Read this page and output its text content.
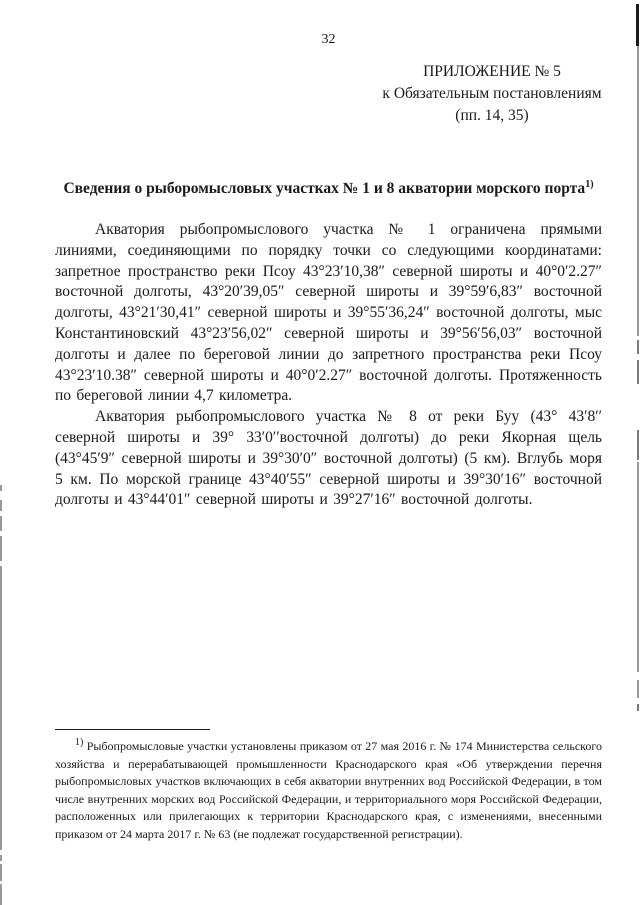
32
ПРИЛОЖЕНИЕ № 5
к Обязательным постановлениям
(пп. 14, 35)
Сведения о рыборомысловых участках № 1 и 8 акватории морского порта$^{1)}$
Акватория рыбопромыслового участка № 1 ограничена прямыми линиями, соединяющими по порядку точки со следующими координатами: запретное пространство реки Псоу 43°23′10,38″ северной широты и 40°0′2.27″ восточной долготы, 43°20′39,05″ северной широты и 39°59′6,83″ восточной долготы, 43°21′30,41″ северной широты и 39°55′36,24″ восточной долготы, мыс Константиновский 43°23′56,02″ северной широты и 39°56′56,03″ восточной долготы и далее по береговой линии до запретного пространства реки Псоу 43°23′10.38″ северной широты и 40°0′2.27″ восточной долготы. Протяженность по береговой линии 4,7 километра.
Акватория рыбопромыслового участка № 8 от реки Буу (43° 43′8′′ северной широты и 39° 33′0′′восточной долготы) до реки Якорная щель (43°45′9″ северной широты и 39°30′0″ восточной долготы) (5 км). Вглубь моря 5 км. По морской границе 43°40′55″ северной широты и 39°30′16″ восточной долготы и 43°44′01″ северной широты и 39°27′16″ восточной долготы.
$^{1)}$ Рыбопромысловые участки установлены приказом от 27 мая 2016 г. № 174 Министерства сельского хозяйства и перерабатывающей промышленности Краснодарского края «Об утверждении перечня рыбопромысловых участков включающих в себя акватории внутренних вод Российской Федерации, в том числе внутренних морских вод Российской Федерации, и территориального моря Российской Федерации, расположенных или прилегающих к территории Краснодарского края, с изменениями, внесенными приказом от 24 марта 2017 г. № 63 (не подлежат государственной регистрации).
